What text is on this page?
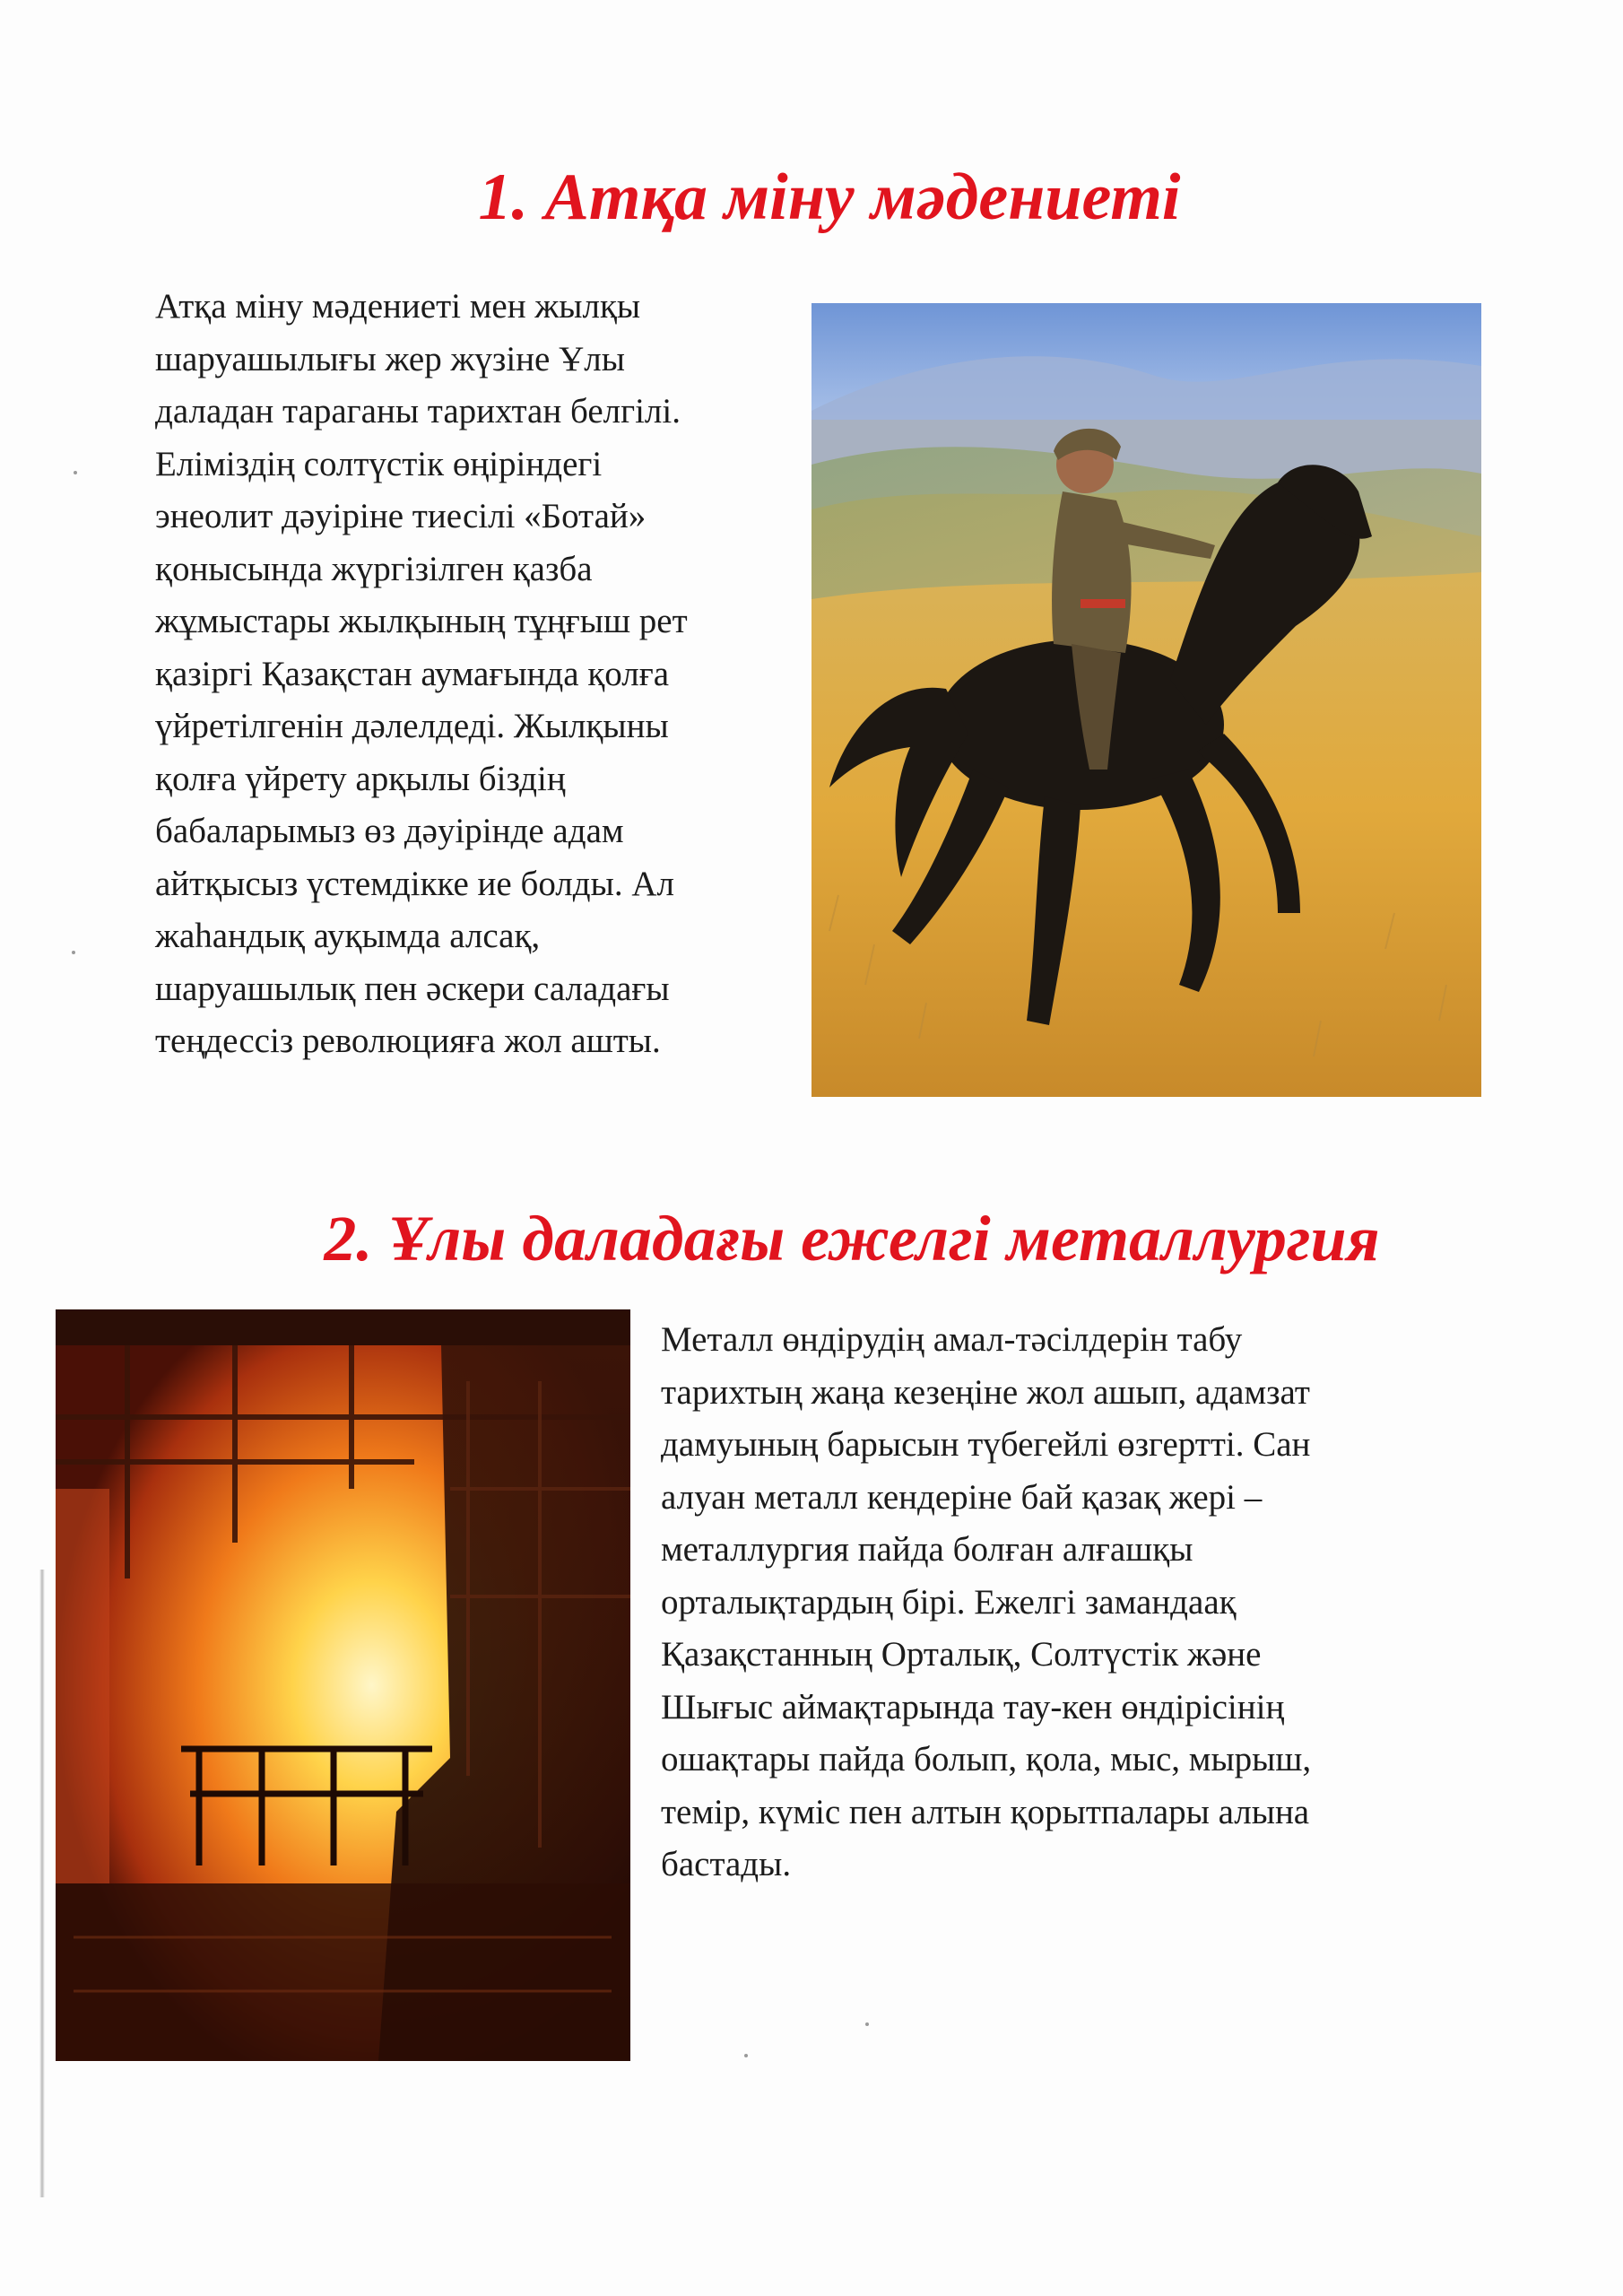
1. Атқа міну мәдениеті

Атқа міну мәдениеті мен жылқы
шаруашылығы жер жүзіне Ұлы
даладан тараганы тарихтан белгілі.
Еліміздің солтүстік өңіріндегі
энеолит дәуіріне тиесілі «Ботай»
қонысында жүргізілген қазба
жұмыстары жылқының тұңғыш рет
қазіргі Қазақстан аумағында қолға
үйретілгенін дәлелдеді. Жылқыны
қолға үйрету арқылы біздің
бабаларымыз өз дәуірінде адам
айтқысыз үстемдікке ие болды. Ал
жаһандық ауқымда алсақ,
шаруашылық пен әскери саладағы
теңдессіз революцияға жол ашты.

2. Ұлы даладағы ежелгі металлургия

Металл өндірудің амал-тәсілдерін табу
тарихтың жаңа кезеңіне жол ашып, адамзат
дамуының барысын түбегейлі өзгертті. Сан
алуан металл кендеріне бай қазақ жері –
металлургия пайда болған алғашқы
орталықтардың бірі. Ежелгі замандаақ
Қазақстанның Орталық, Солтүстік және
Шығыс аймақтарында тау-кен өндірісінің
ошақтары пайда болып, қола, мыс, мырыш,
темір, күміс пен алтын қорытпалары алына
бастады.
